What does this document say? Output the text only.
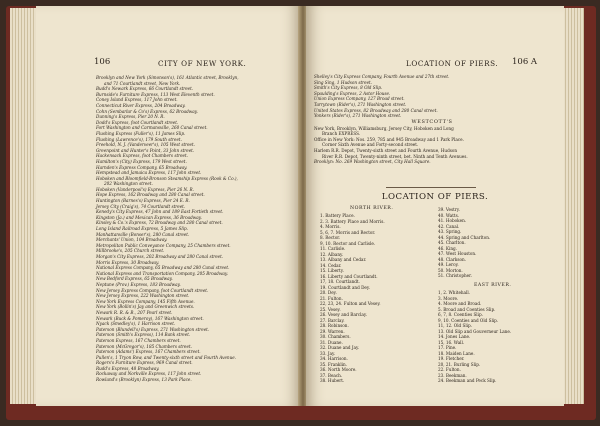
106	CITY OF NEW YORK.
Brooklyn and New York (Simonson's), 161 Atlantic street, Brooklyn,
and 71 Courtlandt street, New York.
Budd's Newark Express, 66 Courtlandt street.
Burnside's Furniture Express, 113 West Eleventh street.
Coney Island Express, 117 John street.
Connecticut River Express, 204 Broadway.
Cohn (Sembarlar & Co's) Express, 62 Broadway.
Dunning's Express, Pier 20 N. R.
Dodd's Express, foot Courtlandt street.
Fort Washington and Carmansville, 260 Canal street.
Flushing Express (Fuller's), 11 James Slip.
Flushing (Lawrence's), 179 South street.
Freehold, N. J. (Vanderveer's), 105 West street.
Greenpoint and Hunter's Point, 33 John street.
Hackensack Express, foot Chambers street.
Hamilton's (City) Express, 179 West street.
Harnden's Express Company, 65 Broadway.
Hempstead and Jamaica Express, 117 John street.
Hoboken and Bloomfield-Bronson Steamship Express (Rook & Co.),
202 Washington street.
Hoboken (Vanderpool's) Express, Pier 26 N. R.
Hope Express, 162 Broadway and 280 Canal street.
Huntington (Barnes's) Express, Pier 24 E. R.
Jersey City (Craig's), 74 Courtlandt street.
Kenedy's City Express, 47 John and 189 East Fortieth street.
Kingston (Ja.) and Mexican Express, 36 Broadway.
Kinsley & Co.'s Express, 72 Broadway and 280 Canal street.
Long Island Railroad Express, 5 James Slip.
Manhattanville (Bonser's), 280 Canal street.
Merchants' Union, 104 Broadway.
Metropolitan Public Conveyance Company, 25 Chambers street.
Millbrooke's, 205 Church street.
Morgan's City Express, 202 Broadway and 280 Canal street.
Morris Express, 30 Broadway.
National Express Company, 65 Broadway and 280 Canal street.
National Express and Transportation Company, 205 Broadway.
New Bedford Express, 65 Broadway.
Neptune (Prov.) Express, 183 Broadway.
New Jersey Express Company, foot Courtlandt street.
New Jersey Express, 222 Washington street.
New York Express Company, 145 Fifth Avenue.
New York (Bollin's) Jay and Greenwich streets.
Newark R. R. & B., 207 Pearl street.
Newark (Buck & Pomeroy), 167 Washington street.
Nyack (Smedley's), 1 Harrison street.
Paterson (Blundell's) Express, 271 Washington street.
Paterson (Smith's Express), 114 Bank street.
Paterson Express, 167 Chambers street.
Paterson (McGregor's), 185 Chambers street.
Paterson (Adams') Express, 167 Chambers street.
Pullen's, 1 Tryon Row, and Twenty-sixth street and Fourth Avenue.
Rogers's Furniture Express, 969 Canal street.
Rudd's Express, 48 Broadway.
Rockaway and Norkville Express, 117 John street.
Rowland's (Brooklyn) Express, 13 Park Place.
LOCATION OF PIERS. 106 A
Shelley's City Express Company, Fourth Avenue and 27th street.
Sing Sing, 1 Hudson street.
Smith's City Express, 8 Old Slip.
Spaulding's Express, 2 Astor House.
Union Express Company, 127 Broad street.
Tarrytown (Rider's), 271 Washington street.
United States Express, 82 Broadway and 280 Canal street.
Yonkers (Rider's), 271 Washington street.
WESTCOTT'S
New York, Brooklyn, Williamsburg, Jersey City, Hoboken and Long
Branch EXPRESS.
Office in New York: Nos. 259, 785 and 945 Broadway and 1 Park Place.
Corner Sixth Avenue and Forty-second street.
Harlem R.R. Depot, Twenty-sixth street and Fourth Avenue, Hudson
River R.R. Depot, Twenty-ninth street, bet. Ninth and Tenth Avenues.
Brooklyn: No. 269 Washington street, City Hall Square.
LOCATION OF PIERS.
NORTH RIVER.
1. Battery Place.
2. 3. Battery Place and Morris.
4. Morris.
5, 6, 7. Morris and Rector.
8. Rector.
9, 10. Rector and Carlisle.
11. Carlisle.
12. Albany.
13. Albany and Cedar.
14. Cedar.
15. Liberty.
16. Liberty and Courtlandt.
17, 18. Courtlandt.
19. Courtlandt and Dey.
20. Dey.
21. Fulton.
22, 23, 24. Fulton and Vesey.
25. Vesey.
26. Vesey and Barclay.
27. Barclay.
28. Robinson.
29. Warren.
30. Chambers.
31. Duane.
32. Duane and Jay.
33. Jay.
34. Harrison.
35. Franklin.
36. North Moore.
37. Beach.
38. Hubert.
39. Vestry.
40. Watts.
41. Hoboken.
42. Canal.
43. Spring.
44. Spring and Charlton.
45. Charlton.
46. King.
47. West Houston.
48. Clarkson.
49. Leroy.
50. Morton.
51. Christopher.
EAST RIVER.
1, 2. Whitehall.
3. Moore.
4. Moore and Broad.
5. Broad and Coenties Slip.
6, 7, 8. Coenties Slip.
9, 10. Coenties and Old Slip.
11, 12. Old Slip.
13. Old Slip and Gouverneur Lane.
14. Jones Lane.
15, 16. Wall.
17. Pine.
18. Maiden Lane.
19. Fletcher.
20, 21. Burling Slip.
22. Fulton.
23. Beekman.
24. Beekman and Peck Slip.
